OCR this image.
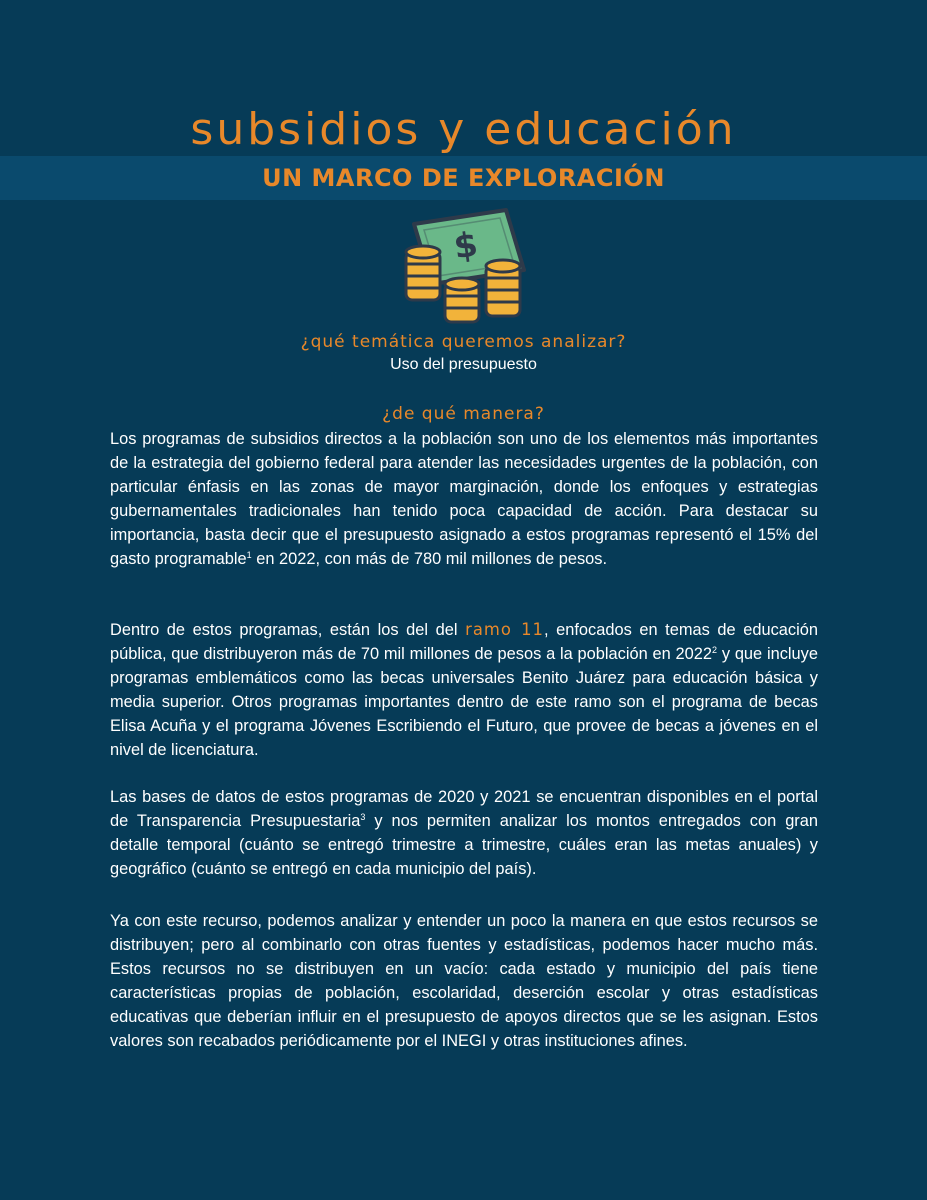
subsidios y educación
UN MARCO DE EXPLORACIÓN
$

¿qué temática queremos analizar?

Uso del presupuesto

¿de qué manera?

Los programas de subsidios directos a la población son uno de los elementos más importantes de la estrategia del gobierno federal para atender las necesidades urgentes de la población, con particular énfasis en las zonas de mayor marginación, donde los enfoques y estrategias gubernamentales tradicionales han tenido poca capacidad de acción. Para destacar su importancia, basta decir que el presupuesto asignado a estos programas representó el 15% del gasto programable$^1$ en 2022, con más de 780 mil millones de pesos.

Dentro de estos programas, están los del del ramo 11, enfocados en temas de educación pública, que distribuyeron más de 70 mil millones de pesos a la población en 2022$^2$ y que incluye programas emblemáticos como las becas universales Benito Juárez para educación básica y media superior. Otros programas importantes dentro de este ramo son el programa de becas Elisa Acuña y el programa Jóvenes Escribiendo el Futuro, que provee de becas a jóvenes en el nivel de licenciatura.

Las bases de datos de estos programas de 2020 y 2021 se encuentran disponibles en el portal de Transparencia Presupuestaria$^3$ y nos permiten analizar los montos entregados con gran detalle temporal (cuánto se entregó trimestre a trimestre, cuáles eran las metas anuales) y geográfico (cuánto se entregó en cada municipio del país).

Ya con este recurso, podemos analizar y entender un poco la manera en que estos recursos se distribuyen; pero al combinarlo con otras fuentes y estadísticas, podemos hacer mucho más. Estos recursos no se distribuyen en un vacío: cada estado y municipio del país tiene características propias de población, escolaridad, deserción escolar y otras estadísticas educativas que deberían influir en el presupuesto de apoyos directos que se les asignan. Estos valores son recabados periódicamente por el INEGI y otras instituciones afines.
